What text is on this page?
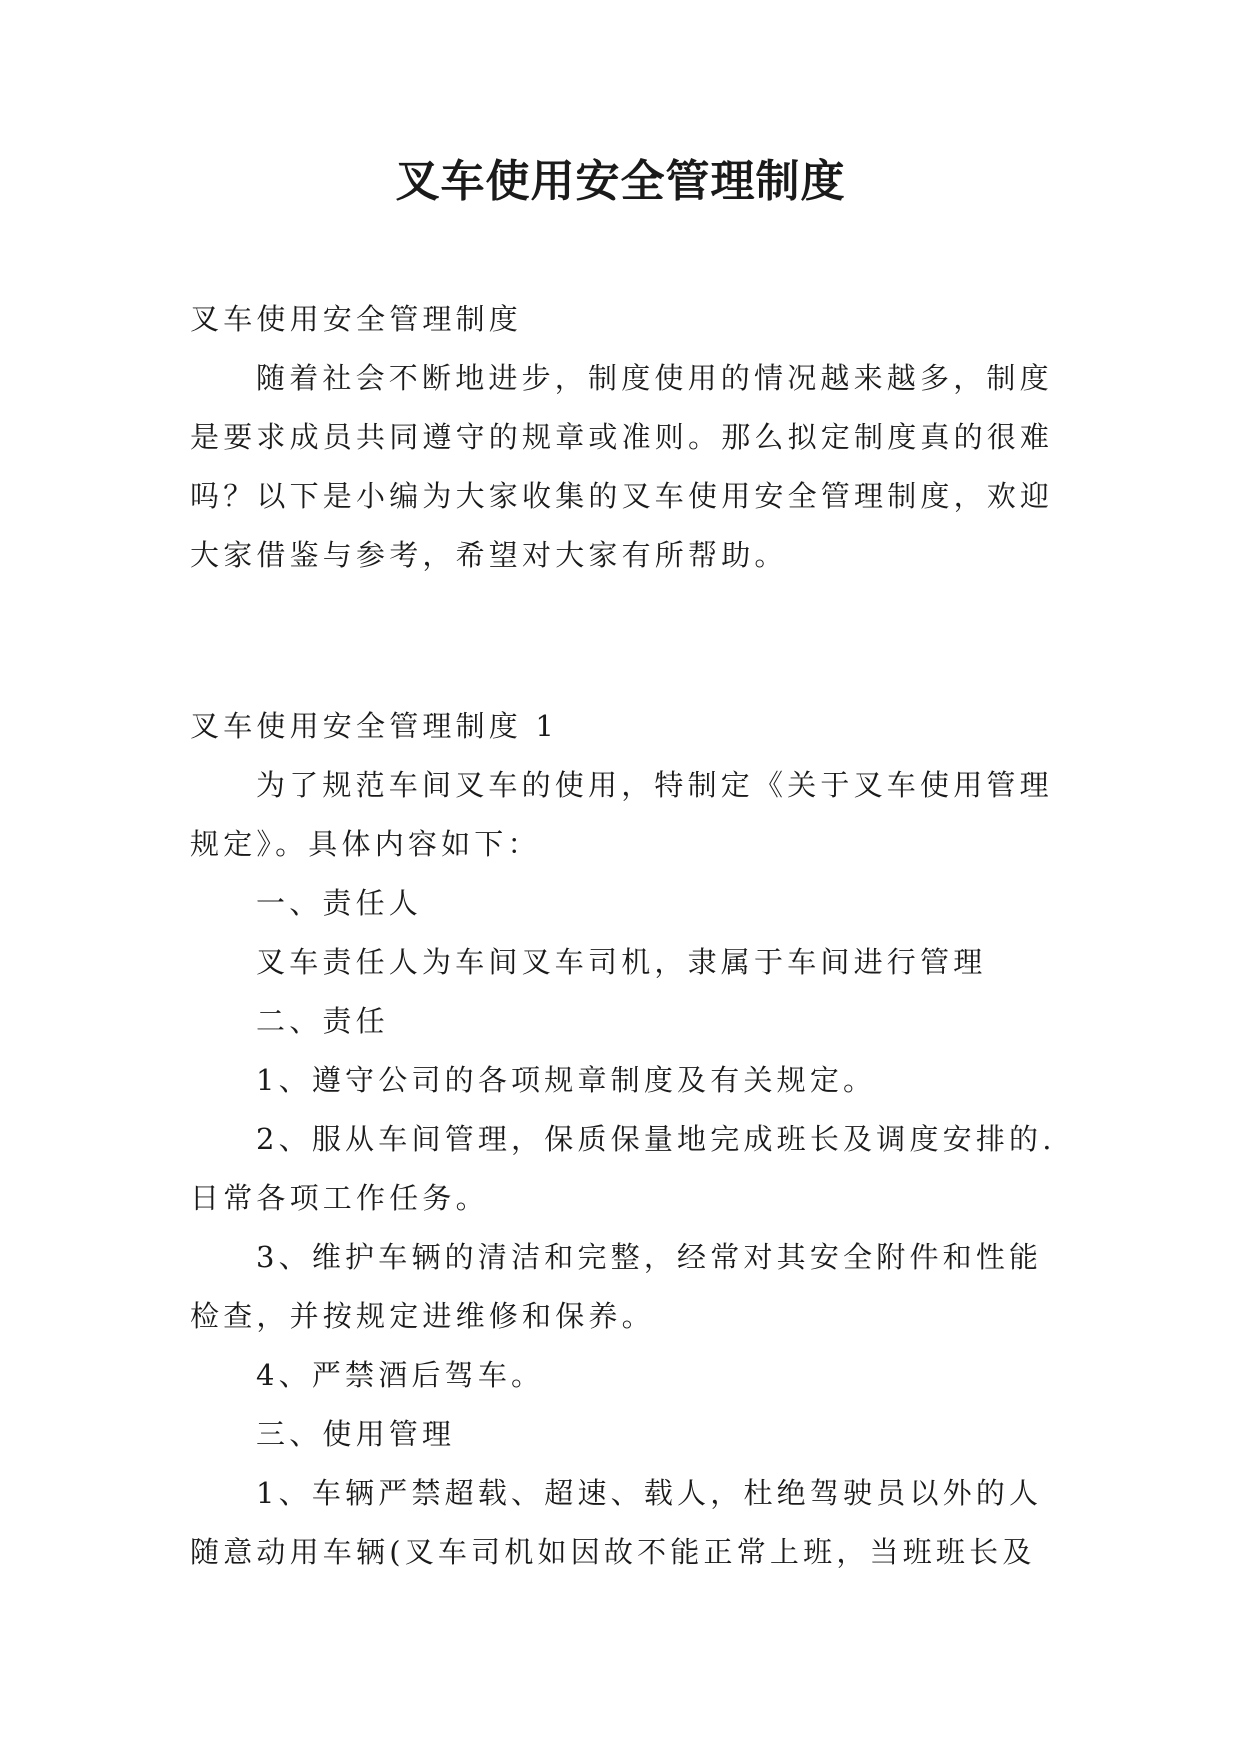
叉车使用安全管理制度

叉车使用安全管理制度

随着社会不断地进步，制度使用的情况越来越多，制度是要求成员共同遵守的规章或准则。那么拟定制度真的很难吗？以下是小编为大家收集的叉车使用安全管理制度，欢迎大家借鉴与参考，希望对大家有所帮助。

叉车使用安全管理制度 1

为了规范车间叉车的使用，特制定《关于叉车使用管理规定》。具体内容如下：

一、责任人

叉车责任人为车间叉车司机，隶属于车间进行管理

二、责任

1、遵守公司的各项规章制度及有关规定。

2、服从车间管理，保质保量地完成班长及调度安排的.日常各项工作任务。

3、维护车辆的清洁和完整，经常对其安全附件和性能检查，并按规定进维修和保养。

4、严禁酒后驾车。

三、使用管理

1、车辆严禁超载、超速、载人，杜绝驾驶员以外的人随意动用车辆(叉车司机如因故不能正常上班，当班班长及
